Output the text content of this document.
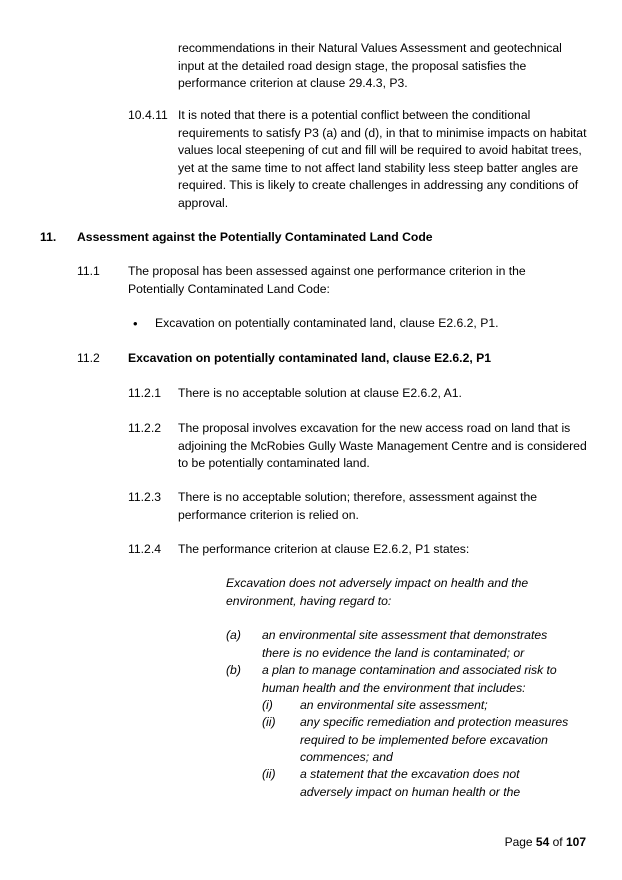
recommendations in their Natural Values Assessment and geotechnical input at the detailed road design stage, the proposal satisfies the performance criterion at clause 29.4.3, P3.

10.4.11 It is noted that there is a potential conflict between the conditional requirements to satisfy P3 (a) and (d), in that to minimise impacts on habitat values local steepening of cut and fill will be required to avoid habitat trees, yet at the same time to not affect land stability less steep batter angles are required. This is likely to create challenges in addressing any conditions of approval.

11. Assessment against the Potentially Contaminated Land Code

11.1 The proposal has been assessed against one performance criterion in the Potentially Contaminated Land Code:

• Excavation on potentially contaminated land, clause E2.6.2, P1.

11.2 Excavation on potentially contaminated land, clause E2.6.2, P1

11.2.1 There is no acceptable solution at clause E2.6.2, A1.

11.2.2 The proposal involves excavation for the new access road on land that is adjoining the McRobies Gully Waste Management Centre and is considered to be potentially contaminated land.

11.2.3 There is no acceptable solution; therefore, assessment against the performance criterion is relied on.

11.2.4 The performance criterion at clause E2.6.2, P1 states:

Excavation does not adversely impact on health and the environment, having regard to:

(a) an environmental site assessment that demonstrates there is no evidence the land is contaminated; or

(b) a plan to manage contamination and associated risk to human health and the environment that includes:

(i) an environmental site assessment;

(ii) any specific remediation and protection measures required to be implemented before excavation commences; and

(ii) a statement that the excavation does not adversely impact on human health or the

Page 54 of 107
